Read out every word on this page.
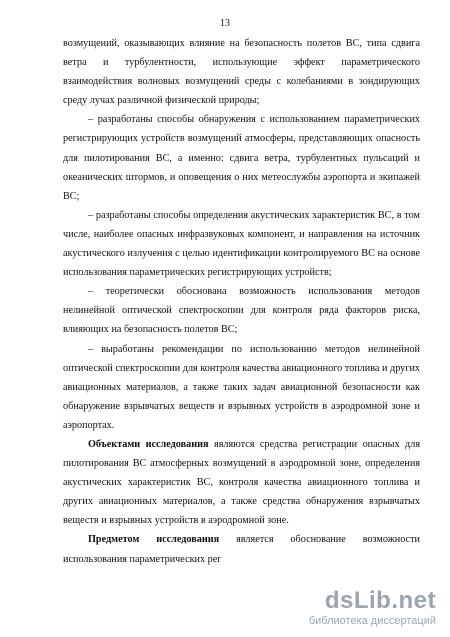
13

возмущений, оказывающих влияние на безопасность полетов ВС, типа сдвига ветра и турбулентности, использующие эффект параметрического взаимодействия волновых возмущений среды с колебаниями в зондирующих среду лучах различной физической природы;

– разработаны способы обнаружения с использованием параметрических регистрирующих устройств возмущений атмосферы, представляющих опасность для пилотирования ВС, а именно: сдвига ветра, турбулентных пульсаций и океанических штормов, и оповещения о них метеослужбы аэропорта и экипажей ВС;

– разработаны способы определения акустических характеристик ВС, в том числе, наиболее опасных инфразвуковых компонент, и направления на источник акустического излучения с целью идентификации контролируемого ВС на основе использования параметрических регистрирующих устройств;

– теоретически обоснована возможность использования методов нелинейной оптической спектроскопии для контроля ряда факторов риска, влияющих на безопасность полетов ВС;

– выработаны рекомендации по использованию методов нелинейной оптической спектроскопии для контроля качества авиационного топлива и других авиационных материалов, а также таких задач авиационной безопасности как обнаружение взрывчатых веществ и взрывных устройств в аэродромной зоне и аэропортах.

Объектами исследования являются средства регистрации опасных для пилотирования ВС атмосферных возмущений в аэродромной зоне, определения акустических характеристик ВС, контроля качества авиационного топлива и других авиационных материалов, а также средства обнаружения взрывчатых веществ и взрывных устройств в аэродромной зоне.

Предметом исследования является обоснование возможности использования параметрических рег

dsLib.net
библиотека диссертаций
